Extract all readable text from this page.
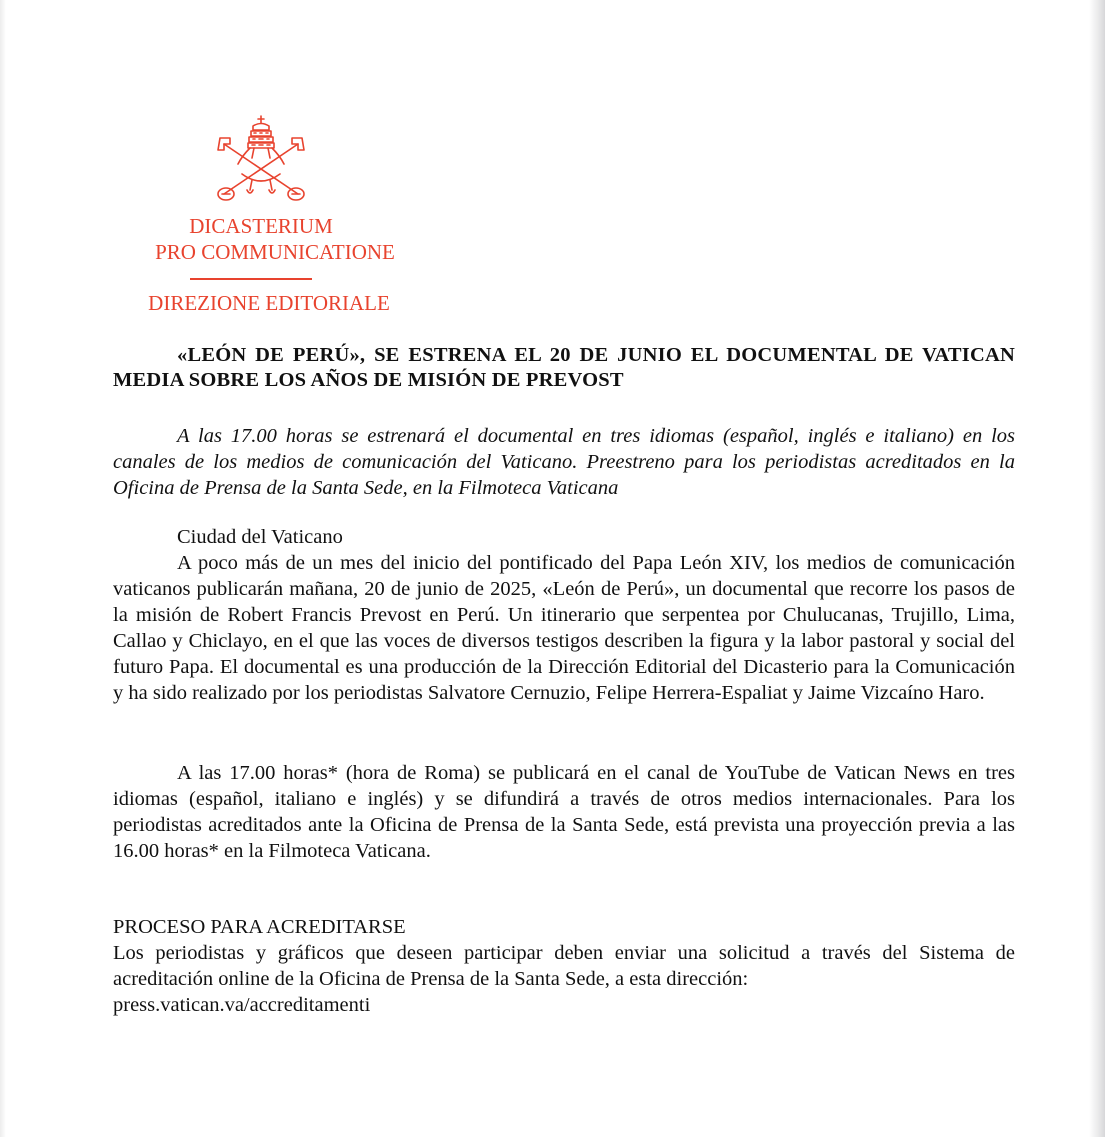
DICASTERIUM
PRO COMMUNICATIONE
DIREZIONE EDITORIALE
«LEÓN DE PERÚ», SE ESTRENA EL 20 DE JUNIO EL DOCUMENTAL DE VATICAN MEDIA SOBRE LOS AÑOS DE MISIÓN DE PREVOST
A las 17.00 horas se estrenará el documental en tres idiomas (español, inglés e italiano) en los canales de los medios de comunicación del Vaticano. Preestreno para los periodistas acreditados en la Oficina de Prensa de la Santa Sede, en la Filmoteca Vaticana
Ciudad del Vaticano
A poco más de un mes del inicio del pontificado del Papa León XIV, los medios de comunicación vaticanos publicarán mañana, 20 de junio de 2025, «León de Perú», un documental que recorre los pasos de la misión de Robert Francis Prevost en Perú. Un itinerario que serpentea por Chulucanas, Trujillo, Lima, Callao y Chiclayo, en el que las voces de diversos testigos describen la figura y la labor pastoral y social del futuro Papa. El documental es una producción de la Dirección Editorial del Dicasterio para la Comunicación y ha sido realizado por los periodistas Salvatore Cernuzio, Felipe Herrera-Espaliat y Jaime Vizcaíno Haro.
A las 17.00 horas* (hora de Roma) se publicará en el canal de YouTube de Vatican News en tres idiomas (español, italiano e inglés) y se difundirá a través de otros medios internacionales. Para los periodistas acreditados ante la Oficina de Prensa de la Santa Sede, está prevista una proyección previa a las 16.00 horas* en la Filmoteca Vaticana.
PROCESO PARA ACREDITARSE
Los periodistas y gráficos que deseen participar deben enviar una solicitud a través del Sistema de acreditación online de la Oficina de Prensa de la Santa Sede, a esta dirección:
press.vatican.va/accreditamenti
